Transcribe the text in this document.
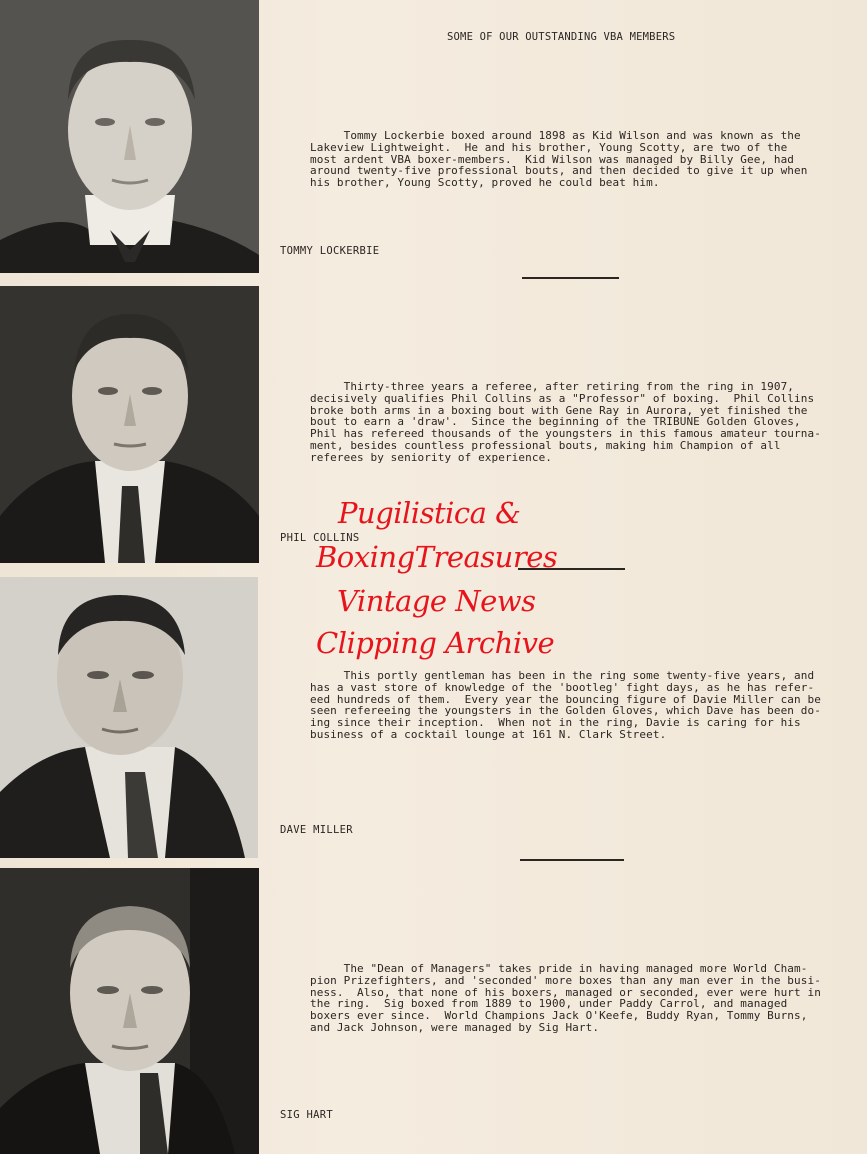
SOME OF OUR OUTSTANDING VBA MEMBERS
Tommy Lockerbie boxed around 1898 as Kid Wilson and was known as the
Lakeview Lightweight.  He and his brother, Young Scotty, are two of the
most ardent VBA boxer-members.  Kid Wilson was managed by Billy Gee, had
around twenty-five professional bouts, and then decided to give it up when
his brother, Young Scotty, proved he could beat him.
TOMMY LOCKERBIE
Thirty-three years a referee, after retiring from the ring in 1907,
decisively qualifies Phil Collins as a "Professor" of boxing.  Phil Collins
broke both arms in a boxing bout with Gene Ray in Aurora, yet finished the
bout to earn a 'draw'.  Since the beginning of the TRIBUNE Golden Gloves,
Phil has refereed thousands of the youngsters in this famous amateur tourna-
ment, besides countless professional bouts, making him Champion of all
referees by seniority of experience.
PHIL COLLINS
This portly gentleman has been in the ring some twenty-five years, and
has a vast store of knowledge of the 'bootleg' fight days, as he has refer-
eed hundreds of them.  Every year the bouncing figure of Davie Miller can be
seen refereeing the youngsters in the Golden Gloves, which Dave has been do-
ing since their inception.  When not in the ring, Davie is caring for his
business of a cocktail lounge at 161 N. Clark Street.
DAVE MILLER
The "Dean of Managers" takes pride in having managed more World Cham-
pion Prizefighters, and 'seconded' more boxes than any man ever in the busi-
ness.  Also, that none of his boxers, managed or seconded, ever were hurt in
the ring.  Sig boxed from 1889 to 1900, under Paddy Carrol, and managed
boxers ever since.  World Champions Jack O'Keefe, Buddy Ryan, Tommy Burns,
and Jack Johnson, were managed by Sig Hart.
SIG HART
Pugilistica &
BoxingTreasures
Vintage News
Clipping Archive
